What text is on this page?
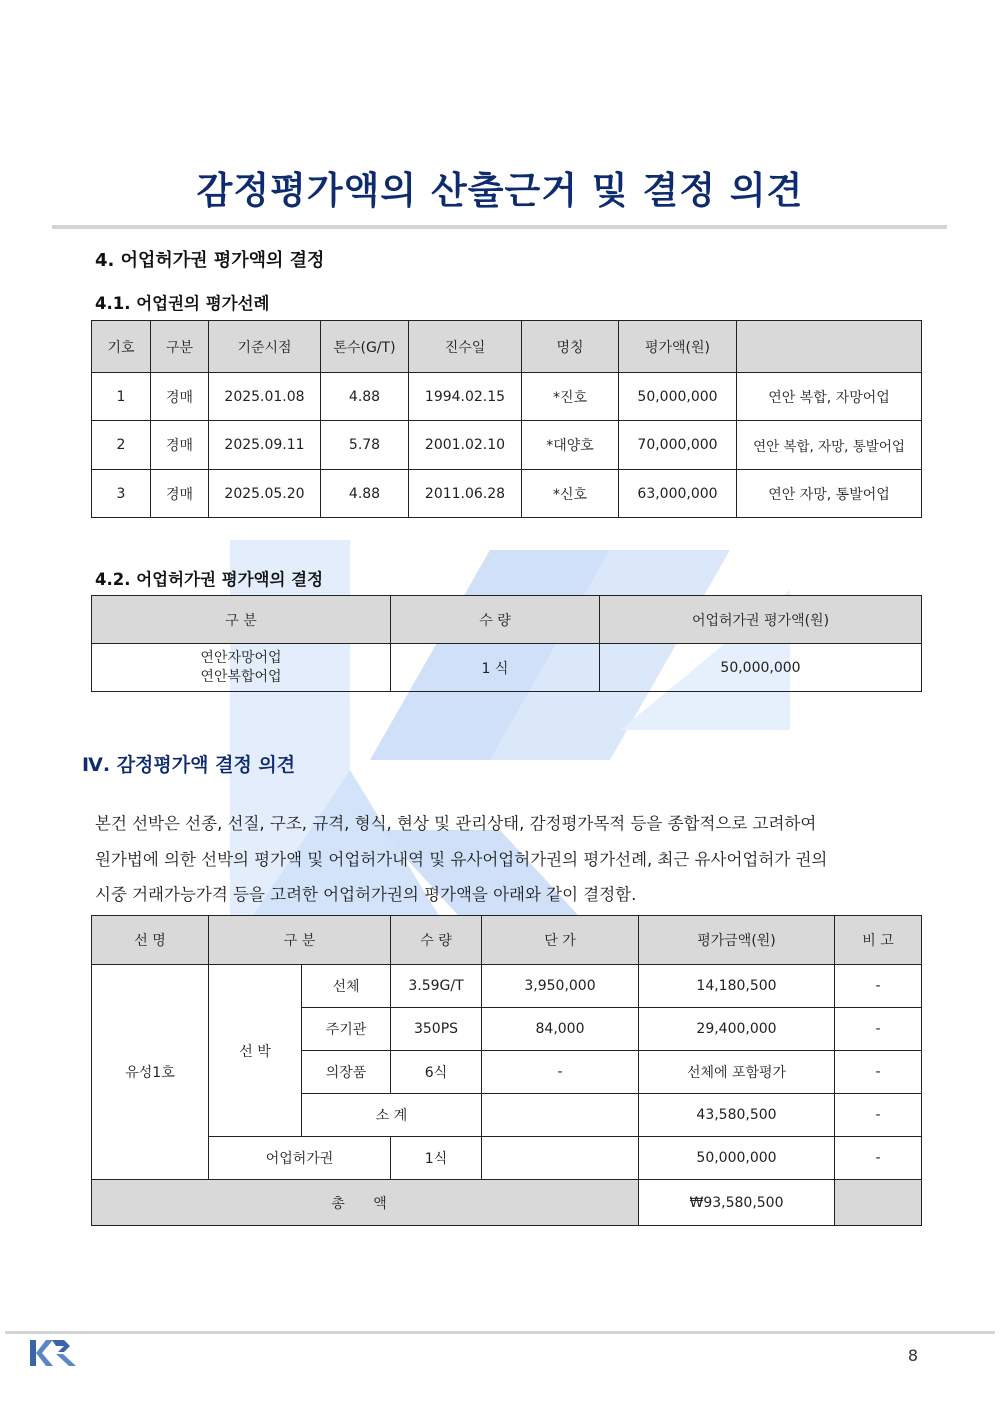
감정평가액의 산출근거 및 결정 의견
4. 어업허가권 평가액의 결정
4.1. 어업권의 평가선례
기호	구분	기준시점	톤수(G/T)	진수일	명칭	평가액(원)	
1	경매	2025.01.08	4.88	1994.02.15	*진호	50,000,000	연안 복합, 자망어업
2	경매	2025.09.11	5.78	2001.02.10	*대양호	70,000,000	연안 복합, 자망, 통발어업
3	경매	2025.05.20	4.88	2011.06.28	*신호	63,000,000	연안 자망, 통발어업
4.2. 어업허가권 평가액의 결정
구 분	수 량	어업허가권 평가액(원)

연안자망어업
연안복합어업	1 식	50,000,000
Ⅳ. 감정평가액 결정 의견
본건 선박은 선종, 선질, 구조, 규격, 형식, 현상 및 관리상태, 감정평가목적 등을 종합적으로 고려하여
원가법에 의한 선박의 평가액 및 어업허가내역 및 유사어업허가권의 평가선례, 최근 유사어업허가 권의
시중 거래가능가격 등을 고려한 어업허가권의 평가액을 아래와 같이 결정함.
선 명	구 분		수 량	단 가	평가금액(원)	비 고
유성1호	선 박	선체	3.59G/T	3,950,000	14,180,500	-
		주기관	350PS	84,000	29,400,000	-
		의장품	6식	-	선체에 포함평가	-
		소 계			43,580,500	-
	어업허가권		1식		50,000,000	-
총 액					₩93,580,500	
8
